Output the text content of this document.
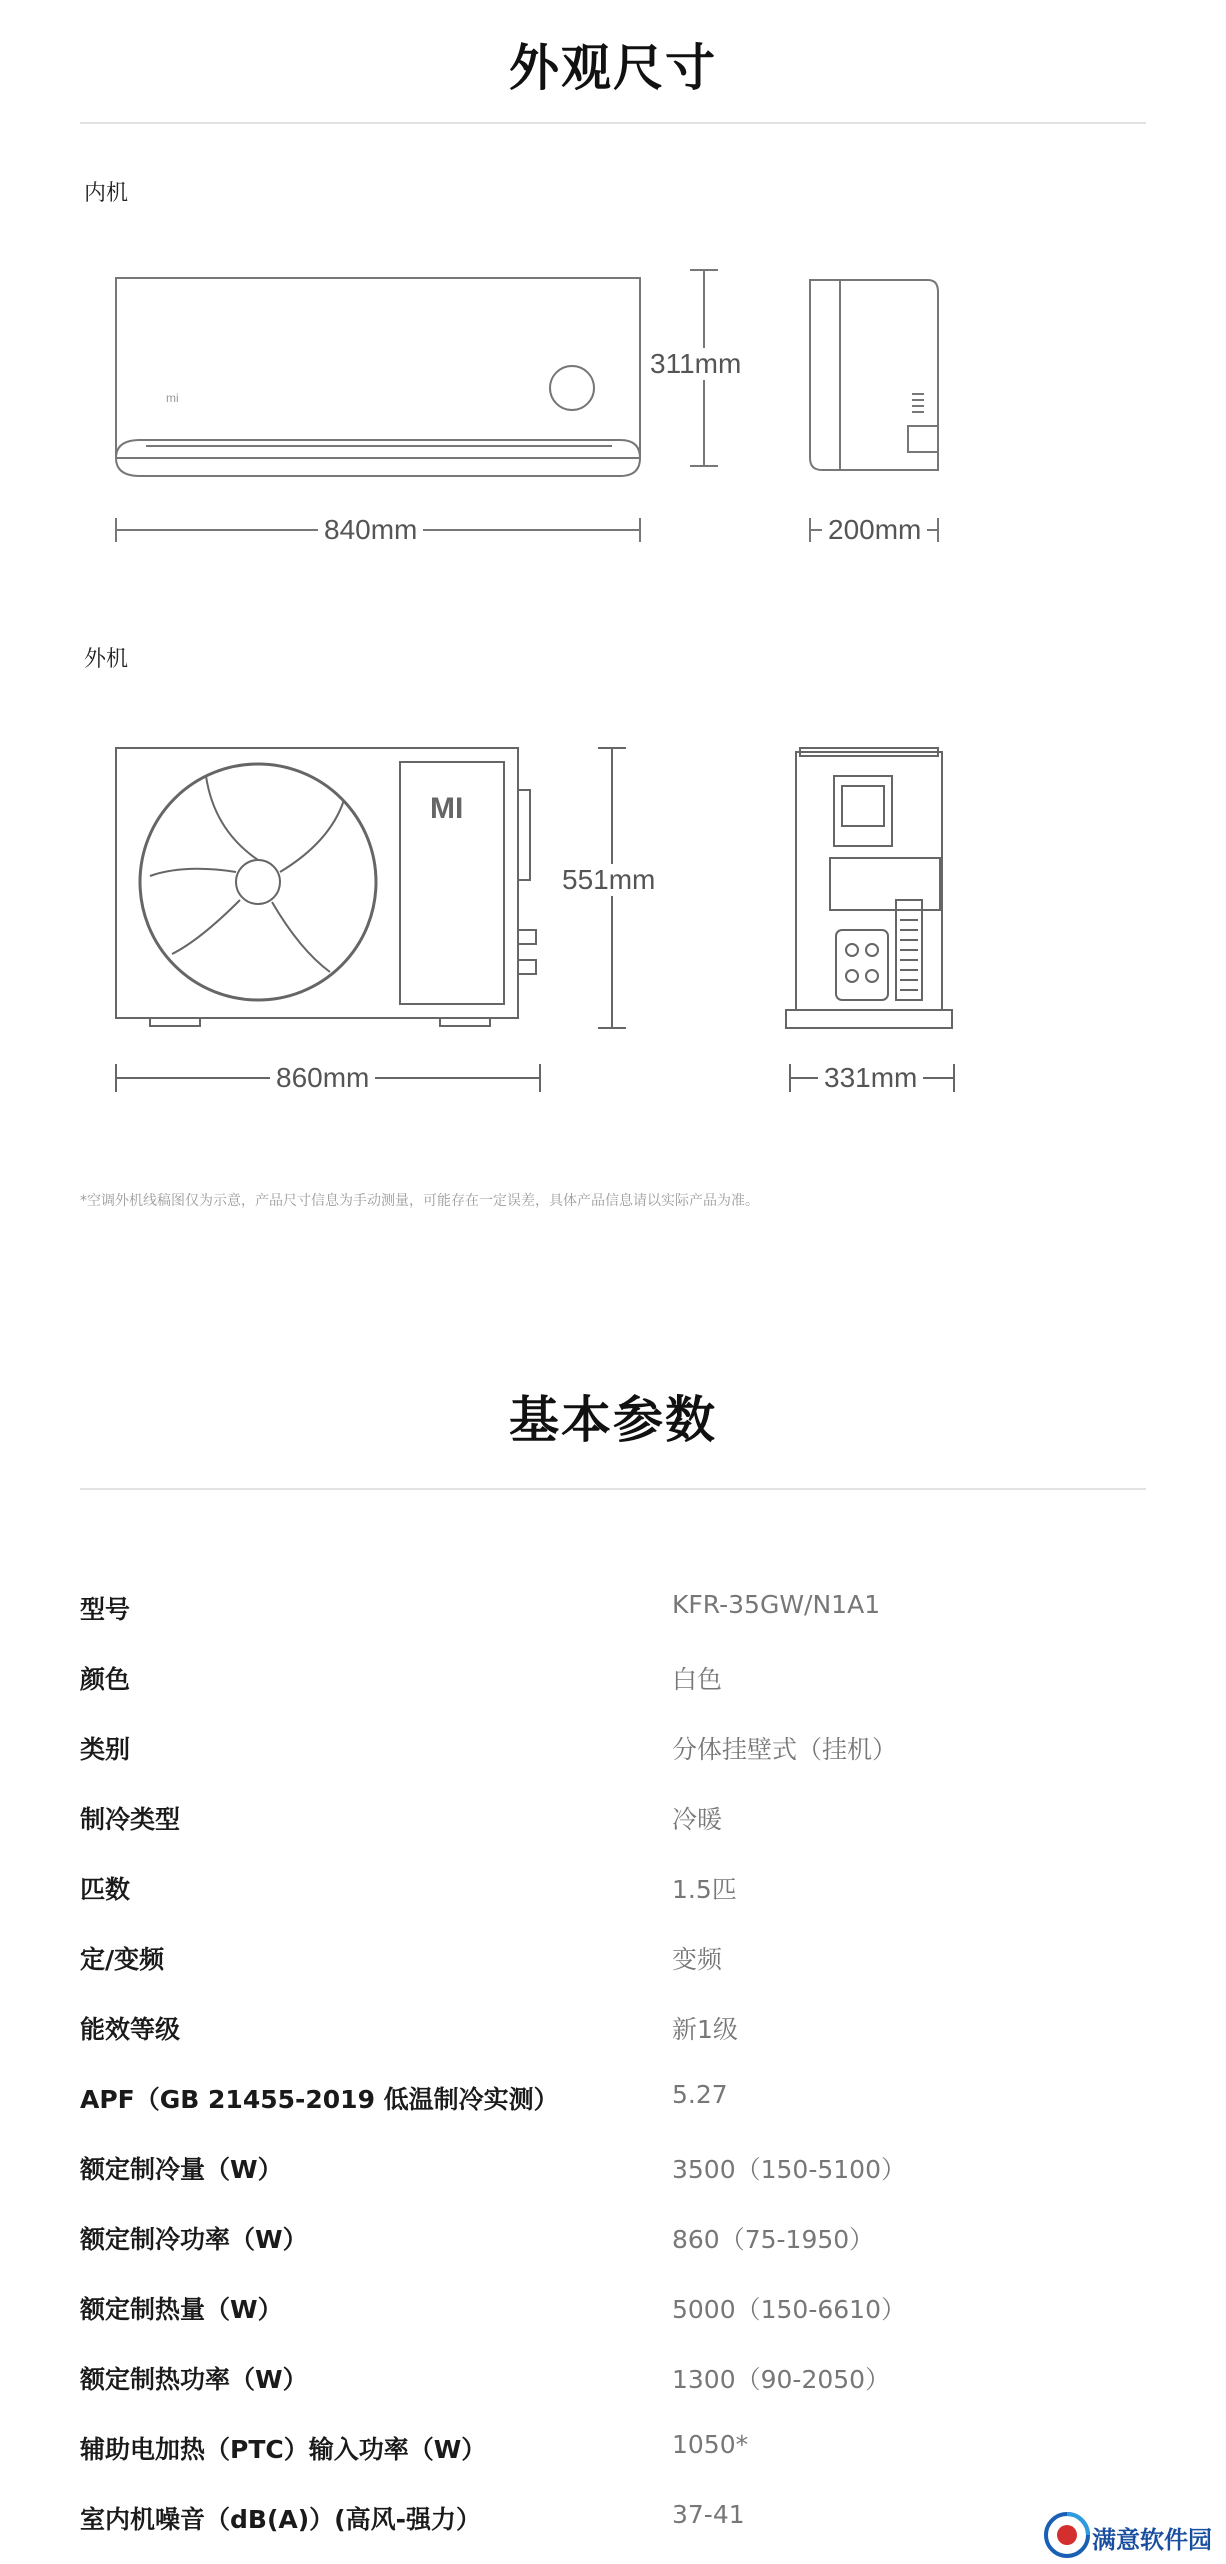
外观尺寸
内机
mi
311mm
840mm	200mm
外机
MI
551mm
860mm	331mm
*空调外机线稿图仅为示意，产品尺寸信息为手动测量，可能存在一定误差，具体产品信息请以实际产品为准。
基本参数
型号	KFR-35GW/N1A1
颜色	白色
类别	分体挂壁式（挂机）
制冷类型	冷暖
匹数	1.5匹
定/变频	变频
能效等级	新1级
APF（GB 21455-2019 低温制冷实测）	5.27
额定制冷量（W）	3500（150-5100）
额定制冷功率（W）	860（75-1950）
额定制热量（W）	5000（150-6610）
额定制热功率（W）	1300（90-2050）
辅助电加热（PTC）输入功率（W）	1050*
室内机噪音（dB(A)）(高风-强力）	37-41
满意软件园
